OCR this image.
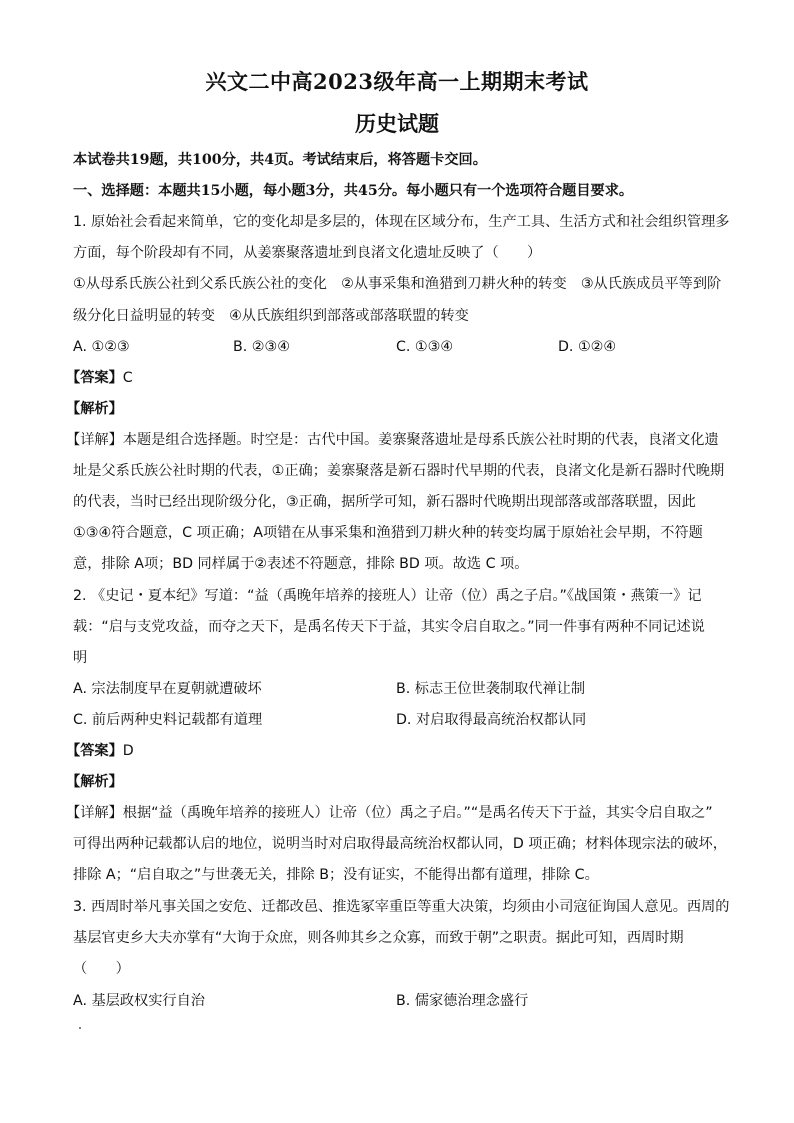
兴文二中高2023级年高一上期期末考试
历史试题
本试卷共19题，共100分，共4页。考试结束后，将答题卡交回。
一、选择题：本题共15小题，每小题3分，共45分。每小题只有一个选项符合题目要求。
1. 原始社会看起来简单，它的变化却是多层的，体现在区域分布，生产工具、生活方式和社会组织管理多
方面，每个阶段却有不同，从姜寨聚落遗址到良渚文化遗址反映了（　　）
①从母系氏族公社到父系氏族公社的变化　②从事采集和渔猎到刀耕火种的转变　③从氏族成员平等到阶
级分化日益明显的转变　④从氏族组织到部落或部落联盟的转变
A. ①②③	B. ②③④	C. ①③④	D. ①②④
【答案】C
【解析】
【详解】本题是组合选择题。时空是：古代中国。姜寨聚落遗址是母系氏族公社时期的代表，良渚文化遗
址是父系氏族公社时期的代表，①正确；姜寨聚落是新石器时代早期的代表，良渚文化是新石器时代晚期
的代表，当时已经出现阶级分化，③正确，据所学可知，新石器时代晚期出现部落或部落联盟，因此
①③④符合题意，C 项正确；A项错在从事采集和渔猎到刀耕火种的转变均属于原始社会早期，不符题
意，排除 A项；BD 同样属于②表述不符题意，排除 BD 项。故选 C 项。
2. 《史记・夏本纪》写道：“益（禹晚年培养的接班人）让帝（位）禹之子启。”《战国策・燕策一》记
载：“启与支党攻益，而夺之天下，是禹名传天下于益，其实令启自取之。”同一件事有两种不同记述说
明
A. 宗法制度早在夏朝就遭破坏	B. 标志王位世袭制取代禅让制
C. 前后两种史料记载都有道理	D. 对启取得最高统治权都认同
【答案】D
【解析】
【详解】根据“益（禹晚年培养的接班人）让帝（位）禹之子启。”“是禹名传天下于益，其实令启自取之”
可得出两种记载都认启的地位，说明当时对启取得最高统治权都认同，D 项正确；材料体现宗法的破坏，
排除 A；“启自取之”与世袭无关，排除 B；没有证实，不能得出都有道理，排除 C。
3. 西周时举凡事关国之安危、迁都改邑、推选冢宰重臣等重大决策，均须由小司寇征询国人意见。西周的
基层官吏乡大夫亦掌有“大询于众庶，则各帅其乡之众寡，而致于朝”之职责。据此可知，西周时期
（　　）
A. 基层政权实行自治	B. 儒家德治理念盛行
